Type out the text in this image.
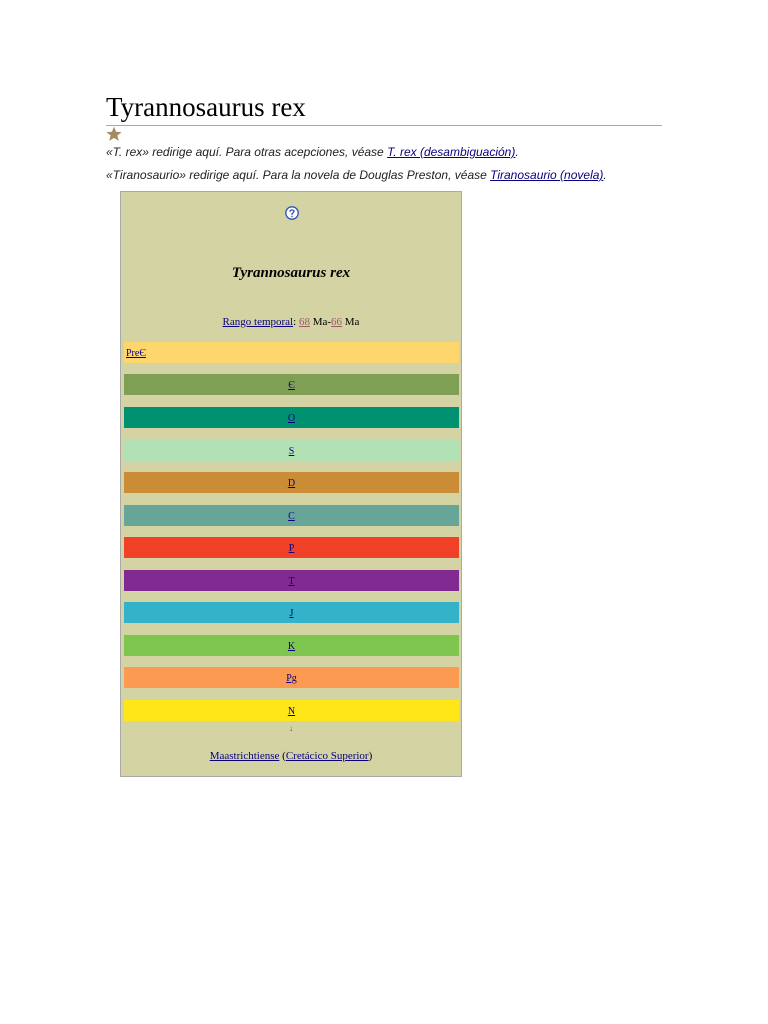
Tyrannosaurus rex
«T. rex» redirige aquí. Para otras acepciones, véase T. rex (desambiguación).
«Tiranosaurio» redirige aquí. Para la novela de Douglas Preston, véase Tiranosaurio (novela).
Tyrannosaurus rex
Rango temporal: 68 Ma-66 Ma
PreЄ
Є
O
S
D
C
P
T
J
K
Pg
N
↓
Maastrichtiense (Cretácico Superior)
